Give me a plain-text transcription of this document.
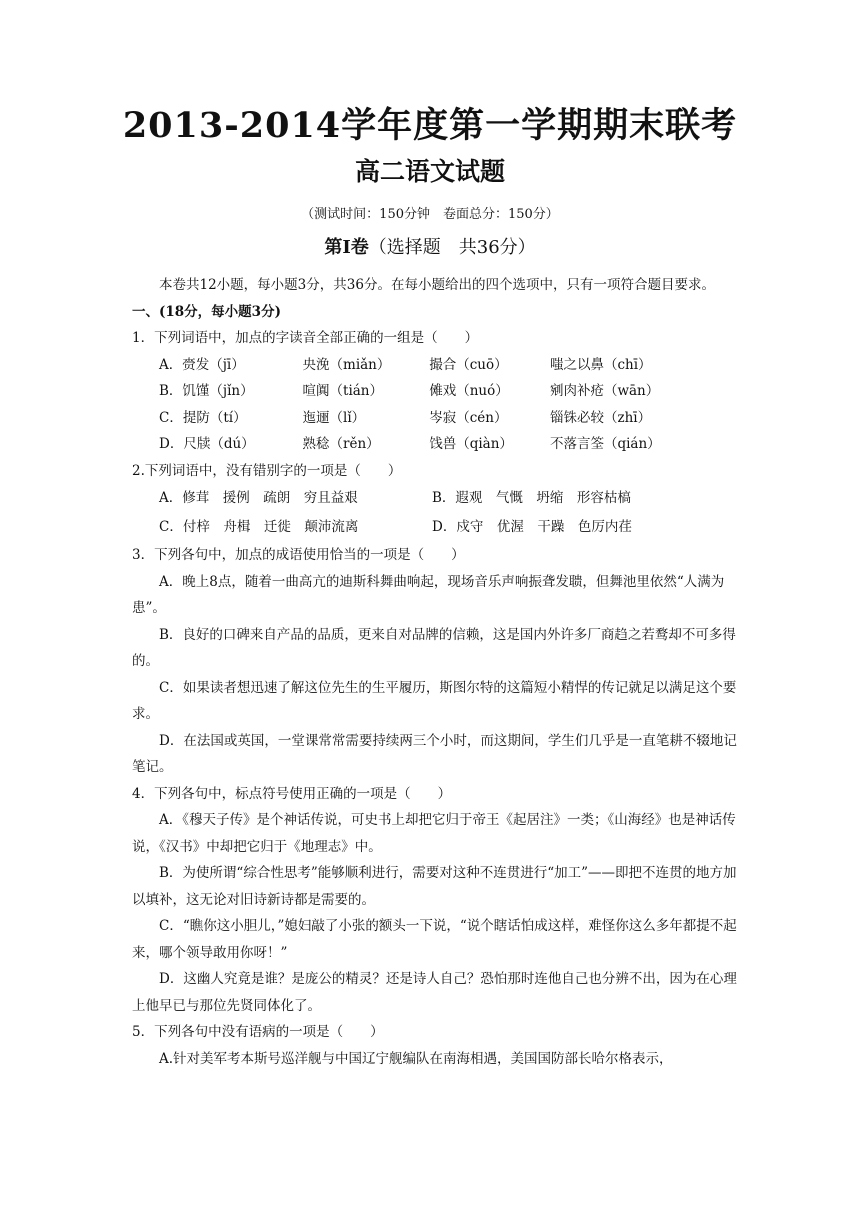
2013-2014学年度第一学期期末联考
高二语文试题
（测试时间：150分钟　卷面总分：150分）
第Ⅰ卷（选择题　共36分）

本卷共12小题，每小题3分，共36分。在每小题给出的四个选项中，只有一项符合题目要求。

一、(18分，每小题3分)

1．下列词语中，加点的字读音全部正确的一组是（　　）

A．赍发（jī）	央浼（miǎn）	撮合（cuō）	嗤之以鼻（chī）
B．饥馑（jǐn）	喧阗（tián）	傩戏（nuó）	剜肉补疮（wān）
C．提防（tí）	迤逦（lǐ）	岑寂（cén）	锱铢必较（zhī）
D．尺牍（dú）	熟稔（rěn）	饯兽（qiàn）	不落言筌（qián）

2.下列词语中，没有错别字的一项是（　　）

A．修茸　援例　疏朗　穷且益艰	B．遐观　气慨　坍缩　形容枯槁
C．付梓　舟楫　迁徙　颠沛流离	D．戍守　优渥　干躁　色厉内荏

3．下列各句中，加点的成语使用恰当的一项是（　　）

A．晚上8点，随着一曲高亢的迪斯科舞曲响起，现场音乐声响振聋发聩，但舞池里依然“人满为患”。

B．良好的口碑来自产品的品质，更来自对品牌的信赖，这是国内外许多厂商趋之若鹜却不可多得的。

C．如果读者想迅速了解这位先生的生平履历，斯图尔特的这篇短小精悍的传记就足以满足这个要求。

D．在法国或英国，一堂课常常需要持续两三个小时，而这期间，学生们几乎是一直笔耕不辍地记笔记。

4．下列各句中，标点符号使用正确的一项是（　　）

A．《穆天子传》是个神话传说，可史书上却把它归于帝王《起居注》一类；《山海经》也是神话传说，《汉书》中却把它归于《地理志》中。

B．为使所谓“综合性思考”能够顺利进行，需要对这种不连贯进行“加工”——即把不连贯的地方加以填补，这无论对旧诗新诗都是需要的。

C．“瞧你这小胆儿，”媳妇敲了小张的额头一下说，“说个瞎话怕成这样，难怪你这么多年都提不起来，哪个领导敢用你呀！”

D．这幽人究竟是谁？是庞公的精灵？还是诗人自己？恐怕那时连他自己也分辨不出，因为在心理上他早已与那位先贤同体化了。

5．下列各句中没有语病的一项是（　　）

A.针对美军考本斯号巡洋舰与中国辽宁舰编队在南海相遇，美国国防部长哈尔格表示，
